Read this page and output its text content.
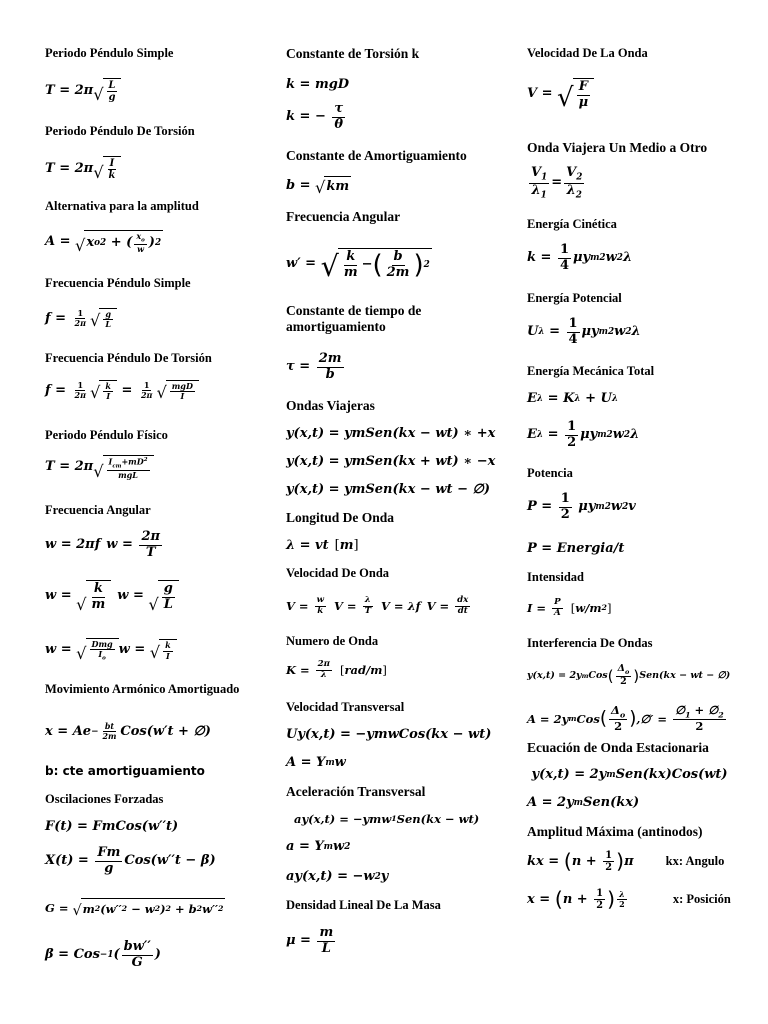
Periodo Péndulo Simple
T = 2π √ L
g
Periodo Péndulo De Torsión
T = 2π √ I
k
Alternativa para la amplitud
A = √ x o 2 + ( $x_o$
w ) 2
Frecuencia Péndulo Simple
f = 1
2π √ g
L
Frecuencia Péndulo De Torsión
f = 1
2π √ k
I = 1
2π √ mgD
I
Periodo Péndulo Físico
T = 2π √ $I_{cm}+mD^2$
mgL
Frecuencia Angular
w = 2πf w =
2π
T
w = √
k
m
w = √
g
L
w = √ Dmg
$I_o$
w = √ k
I
Movimiento Armónico Amortiguado
$x = Ae - \frac{bt}{2m} Cos(w't$ + ∅)
b: cte amortiguamiento
Oscilaciones Forzadas
F(t) = FmCos(w′′t)
X(t) =
Fm
g Cos(w′′t − β)
G = √ m 2 (w′′ 2 − w 2 ) 2 + b 2 w′′ 2
β = Cos −1 (
bw′′
G )
Constante de Torsión k
k = mgD
k = −
τ
θ
Constante de Amortiguamiento
b = √ km
Frecuencia Angular
w′ = √ k
m − ( b
2m ) 2
Constante de tiempo de amortiguamiento
τ =
2m
b
Ondas Viajeras
y(x,t) = ymSen(kx − wt) ∗ +x
y(x,t) = ymSen(kx + wt) ∗ −x
y(x,t) = ymSen(kx − wt − ∅)
Longitud De Onda
λ = vt [ m ]
Velocidad De Onda
V = w
k V = λ
T V = λf V = dx
dt
Numero de Onda
K = 2π
λ [ rad/m ]
Velocidad Transversal
Uy(x,t) = −ymwCos(kx − wt)
A = Y m w
Aceleración Transversal
ay(x,t) = −ymw 1 Sen(kx − wt)
a = Y m w 2
ay(x,t) = −w 2 y
Densidad Lineal De La Masa
μ =
m
L
Velocidad De La Onda
V = √ F
μ
Onda Viajera Un Medio a Otro
$V_1$
$\lambda_1$
=
$V_2$
$\lambda_2$
Energía Cinética
k =
1
4 μy m 2 w 2 λ
Energía Potencial
U λ =
1
4 μy m 2 w 2 λ
Energía Mecánica Total
E λ = K λ + U λ
E λ =
1
2 μy m 2 w 2 λ
Potencia
P =
1
2 μy m 2 w 2 v
P = Energia/t
Intensidad
I = P
A [ w/m 2 ]
Interferencia De Ondas
y(x,t) = 2y m Cos ( $\Delta_o$
2 ) Sen(kx − wt − ∅)
A = 2y m Cos ( $\Delta_o$
2 ) ,∅′ =
$\emptyset_1$ + $\emptyset_2$
2
Ecuación de Onda Estacionaria
y(x,t) = 2y m Sen(kx)Cos(wt)
A = 2y m Sen(kx)
Amplitud Máxima (antinodos)
kx = ( n + 1
2 ) π	kx: Angulo
x = ( n + 1
2 ) λ
2	x: Posición
